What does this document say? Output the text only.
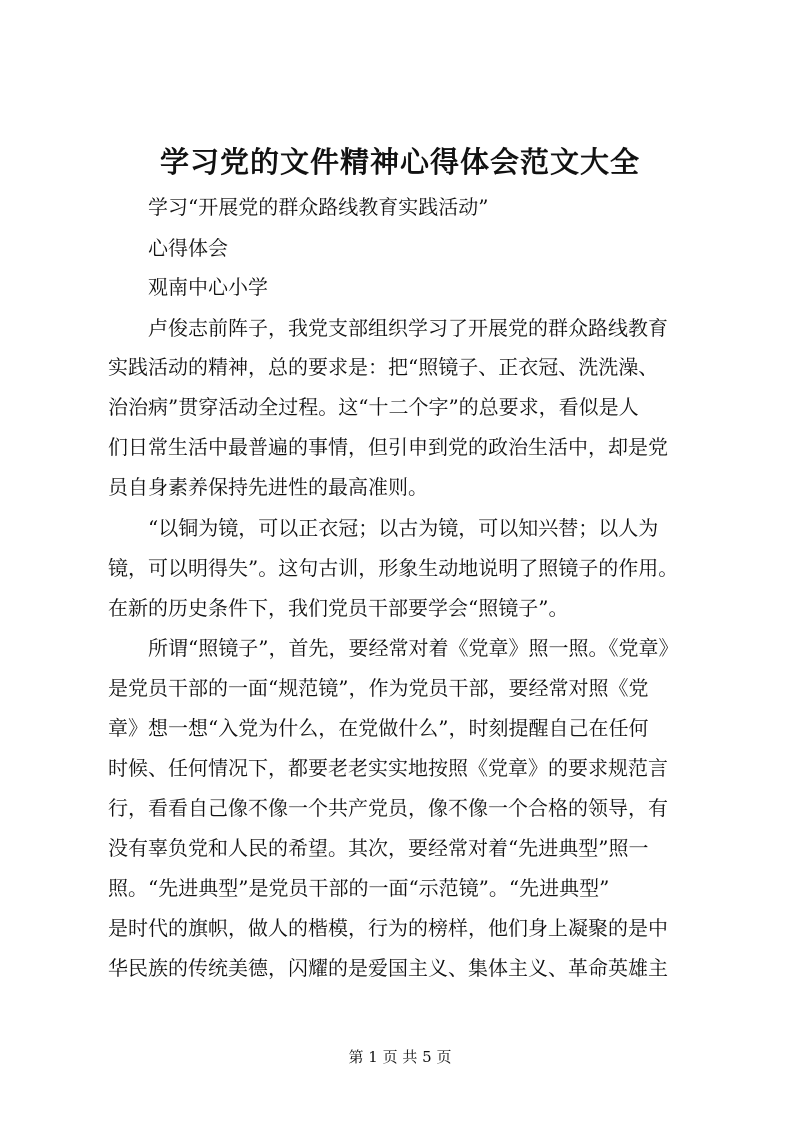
学习党的文件精神心得体会范文大全

学习“开展党的群众路线教育实践活动”

心得体会

观南中心小学

卢俊志前阵子，我党支部组织学习了开展党的群众路线教育

实践活动的精神，总的要求是：把“照镜子、正衣冠、洗洗澡、

治治病”贯穿活动全过程。这“十二个字”的总要求，看似是人

们日常生活中最普遍的事情，但引申到党的政治生活中，却是党

员自身素养保持先进性的最高准则。

“以铜为镜，可以正衣冠；以古为镜，可以知兴替；以人为

镜，可以明得失”。这句古训，形象生动地说明了照镜子的作用。

在新的历史条件下，我们党员干部要学会“照镜子”。

所谓“照镜子”，首先，要经常对着《党章》照一照。《党章》

是党员干部的一面“规范镜”，作为党员干部，要经常对照《党

章》想一想“入党为什么，在党做什么”，时刻提醒自己在任何

时候、任何情况下，都要老老实实地按照《党章》的要求规范言

行，看看自己像不像一个共产党员，像不像一个合格的领导，有

没有辜负党和人民的希望。其次，要经常对着“先进典型”照一

照。“先进典型”是党员干部的一面“示范镜”。“先进典型”

是时代的旗帜，做人的楷模，行为的榜样，他们身上凝聚的是中

华民族的传统美德，闪耀的是爱国主义、集体主义、革命英雄主

第 1 页 共 5 页
